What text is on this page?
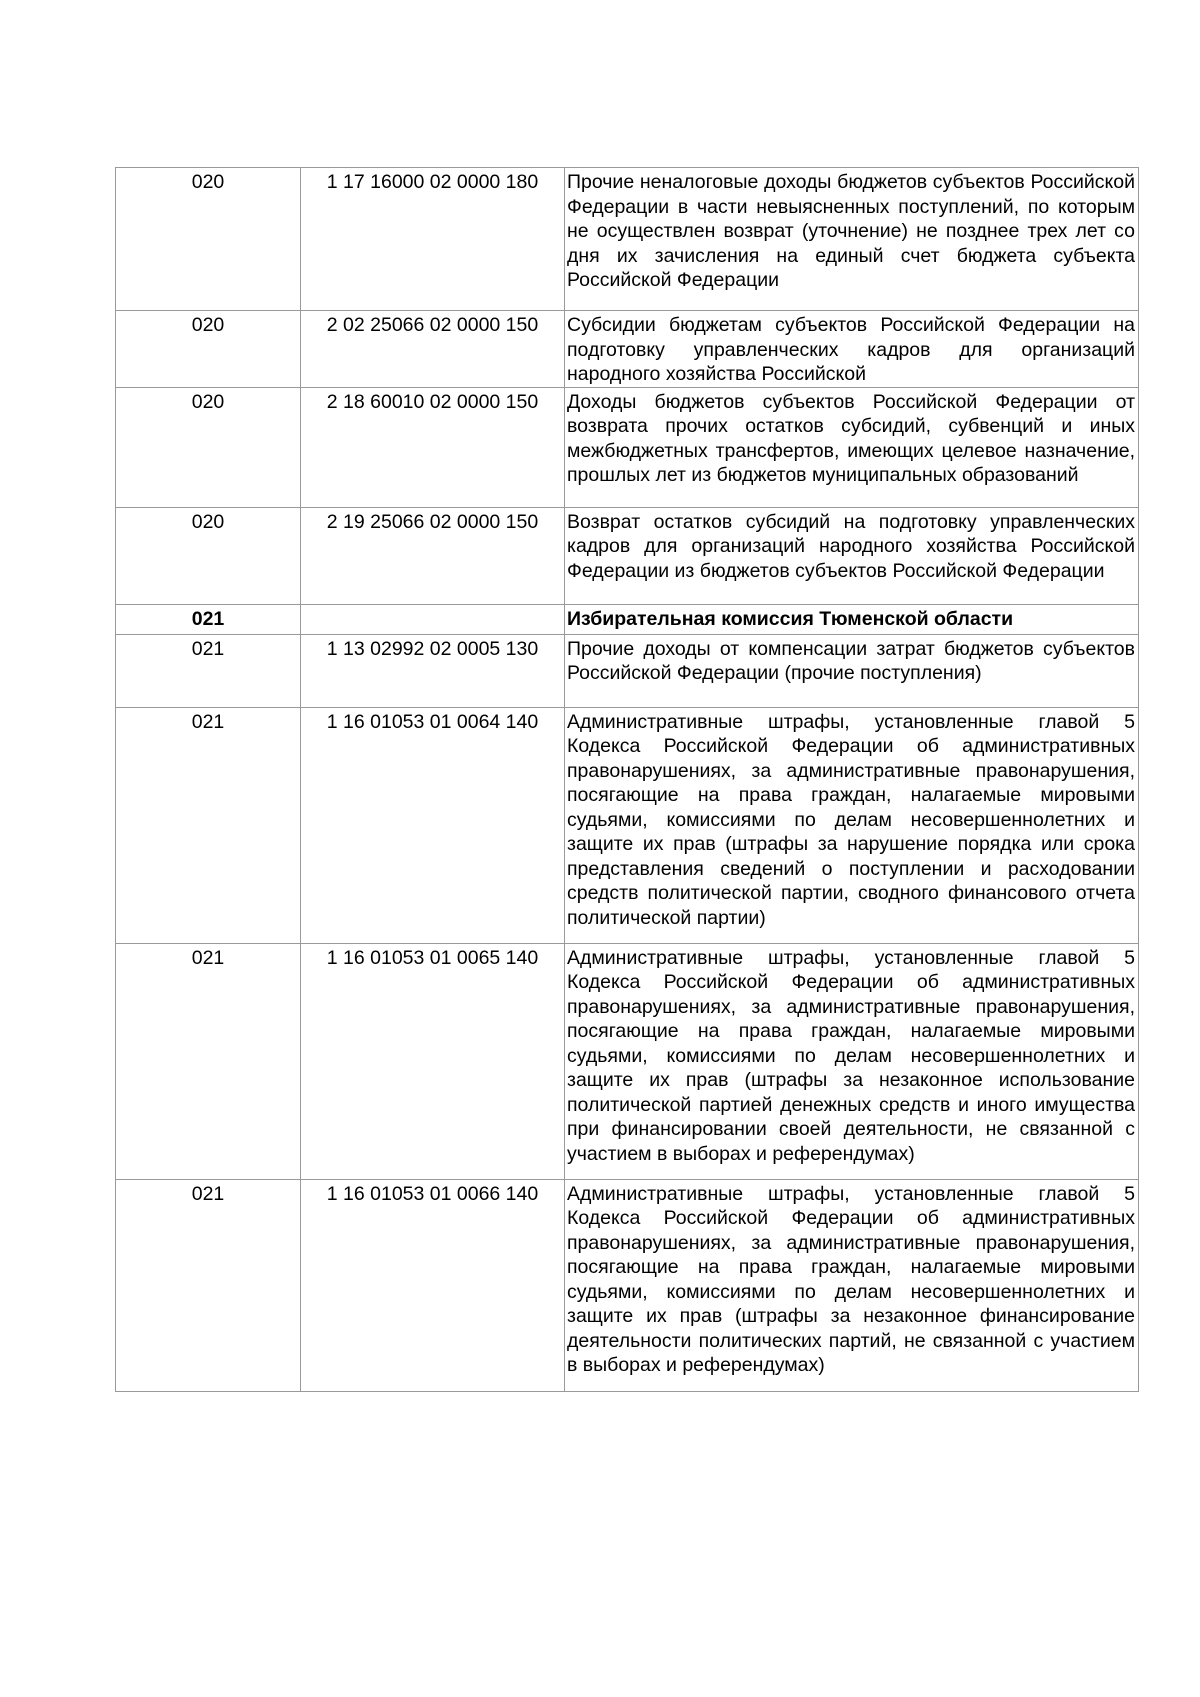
020	1 17 16000 02 0000 180	Прочие неналоговые доходы бюджетов субъектов Российской Федерации в части невыясненных поступлений, по которым не осуществлен возврат (уточнение) не позднее трех лет со дня их зачисления на единый счет бюджета субъекта Российской Федерации

020	2 02 25066 02 0000 150	Субсидии бюджетам субъектов Российской Федерации на подготовку управленческих кадров для организаций народного хозяйства Российской

020	2 18 60010 02 0000 150	Доходы бюджетов субъектов Российской Федерации от возврата прочих остатков субсидий, субвенций и иных межбюджетных трансфертов, имеющих целевое назначение, прошлых лет из бюджетов муниципальных образований

020	2 19 25066 02 0000 150	Возврат остатков субсидий на подготовку управленческих кадров для организаций народного хозяйства Российской Федерации из бюджетов субъектов Российской Федерации

021		Избирательная комиссия Тюменской области

021	1 13 02992 02 0005 130	Прочие доходы от компенсации затрат бюджетов субъектов Российской Федерации (прочие поступления)

021	1 16 01053 01 0064 140	Административные штрафы, установленные главой 5 Кодекса Российской Федерации об административных правонарушениях, за административные правонарушения, посягающие на права граждан, налагаемые мировыми судьями, комиссиями по делам несовершеннолетних и защите их прав (штрафы за нарушение порядка или срока представления сведений о поступлении и расходовании средств политической партии, сводного финансового отчета политической партии)

021	1 16 01053 01 0065 140	Административные штрафы, установленные главой 5 Кодекса Российской Федерации об административных правонарушениях, за административные правонарушения, посягающие на права граждан, налагаемые мировыми судьями, комиссиями по делам несовершеннолетних и защите их прав (штрафы за незаконное использование политической партией денежных средств и иного имущества при финансировании своей деятельности, не связанной с участием в выборах и референдумах)

021	1 16 01053 01 0066 140	Административные штрафы, установленные главой 5 Кодекса Российской Федерации об административных правонарушениях, за административные правонарушения, посягающие на права граждан, налагаемые мировыми судьями, комиссиями по делам несовершеннолетних и защите их прав (штрафы за незаконное финансирование деятельности политических партий, не связанной с участием в выборах и референдумах)
